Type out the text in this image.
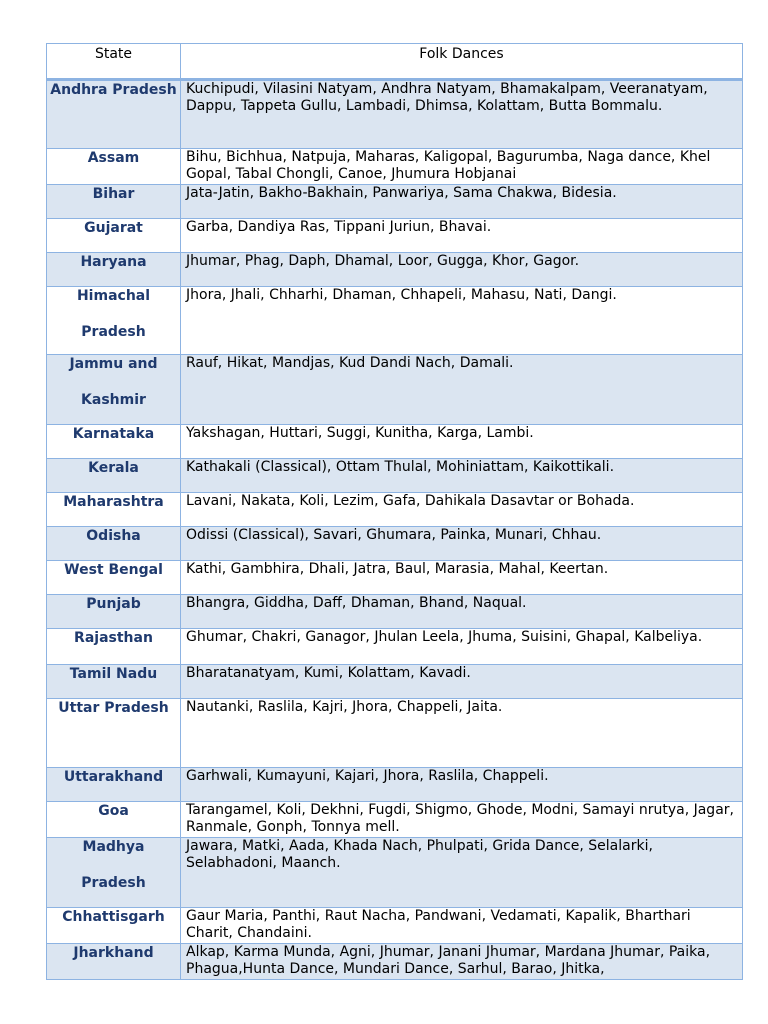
State	Folk Dances

Andhra Pradesh	Kuchipudi, Vilasini Natyam, Andhra Natyam, Bhamakalpam, Veeranatyam, Dappu, Tappeta Gullu, Lambadi, Dhimsa, Kolattam, Butta Bommalu.

Assam	Bihu, Bichhua, Natpuja, Maharas, Kaligopal, Bagurumba, Naga dance, Khel Gopal, Tabal Chongli, Canoe, Jhumura Hobjanai

Bihar	Jata-Jatin, Bakho-Bakhain, Panwariya, Sama Chakwa, Bidesia.

Gujarat	Garba, Dandiya Ras, Tippani Juriun, Bhavai.

Haryana	Jhumar, Phag, Daph, Dhamal, Loor, Gugga, Khor, Gagor.

Himachal Pradesh	Jhora, Jhali, Chharhi, Dhaman, Chhapeli, Mahasu, Nati, Dangi.

Jammu and Kashmir	Rauf, Hikat, Mandjas, Kud Dandi Nach, Damali.

Karnataka	Yakshagan, Huttari, Suggi, Kunitha, Karga, Lambi.

Kerala	Kathakali (Classical), Ottam Thulal, Mohiniattam, Kaikottikali.

Maharashtra	Lavani, Nakata, Koli, Lezim, Gafa, Dahikala Dasavtar or Bohada.

Odisha	Odissi (Classical), Savari, Ghumara, Painka, Munari, Chhau.

West Bengal	Kathi, Gambhira, Dhali, Jatra, Baul, Marasia, Mahal, Keertan.

Punjab	Bhangra, Giddha, Daff, Dhaman, Bhand, Naqual.

Rajasthan	Ghumar, Chakri, Ganagor, Jhulan Leela, Jhuma, Suisini, Ghapal, Kalbeliya.

Tamil Nadu	Bharatanatyam, Kumi, Kolattam, Kavadi.

Uttar Pradesh	Nautanki, Raslila, Kajri, Jhora, Chappeli, Jaita.

Uttarakhand	Garhwali, Kumayuni, Kajari, Jhora, Raslila, Chappeli.

Goa	Tarangamel, Koli, Dekhni, Fugdi, Shigmo, Ghode, Modni, Samayi nrutya, Jagar, Ranmale, Gonph, Tonnya mell.

Madhya Pradesh	Jawara, Matki, Aada, Khada Nach, Phulpati, Grida Dance, Selalarki, Selabhadoni, Maanch.

Chhattisgarh	Gaur Maria, Panthi, Raut Nacha, Pandwani, Vedamati, Kapalik, Bharthari Charit, Chandaini.

Jharkhand	Alkap, Karma Munda, Agni, Jhumar, Janani Jhumar, Mardana Jhumar, Paika, Phagua,Hunta Dance, Mundari Dance, Sarhul, Barao, Jhitka,
